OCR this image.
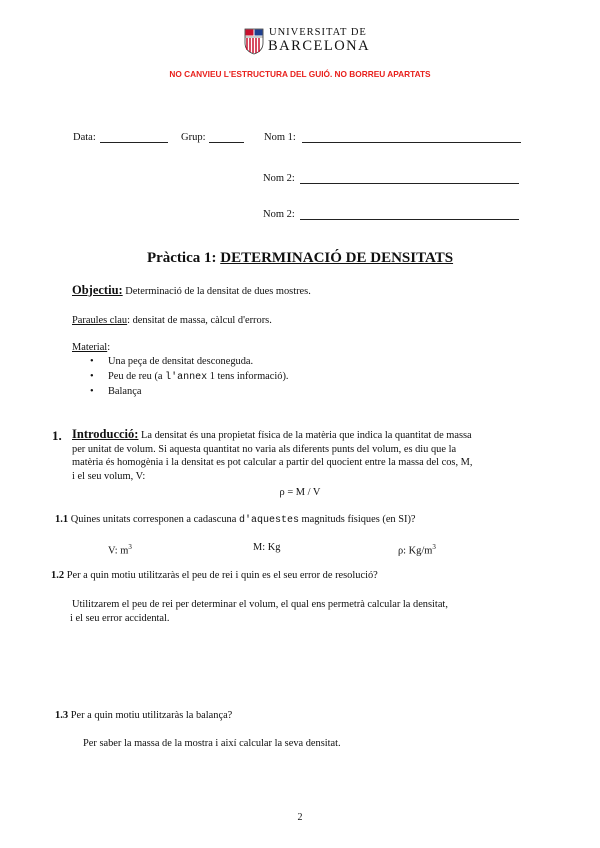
UNIVERSITAT DE
BARCELONA
NO CANVIEU L'ESTRUCTURA DEL GUIÓ. NO BORREU APARTATS
Data:	Grup:	Nom 1:
Nom 2:
Nom 2:
Pràctica 1: DETERMINACIÓ DE DENSITATS
Objectiu: Determinació de la densitat de dues mostres.
Paraules clau: densitat de massa, càlcul d'errors.
Material:
• Una peça de densitat desconeguda.
• Peu de reu (a l'annex 1 tens informació).
• Balança
1. Introducció: La densitat és una propietat física de la matèria que indica la quantitat de massa
per unitat de volum. Si aquesta quantitat no varia als diferents punts del volum, es diu que la
matèria és homogènia i la densitat es pot calcular a partir del quocient entre la massa del cos, M,
i el seu volum, V:
ρ = M / V
1.1 Quines unitats corresponen a cadascuna d'aquestes magnituds físiques (en SI)?
V: $m^3$	M: Kg	ρ: $Kg/m^3$
1.2 Per a quin motiu utilitzaràs el peu de rei i quin es el seu error de resolució?
Utilitzarem el peu de rei per determinar el volum, el qual ens permetrà calcular la densitat,
i el seu error accidental.
1.3 Per a quin motiu utilitzaràs la balança?
Per saber la massa de la mostra i així calcular la seva densitat.
2
